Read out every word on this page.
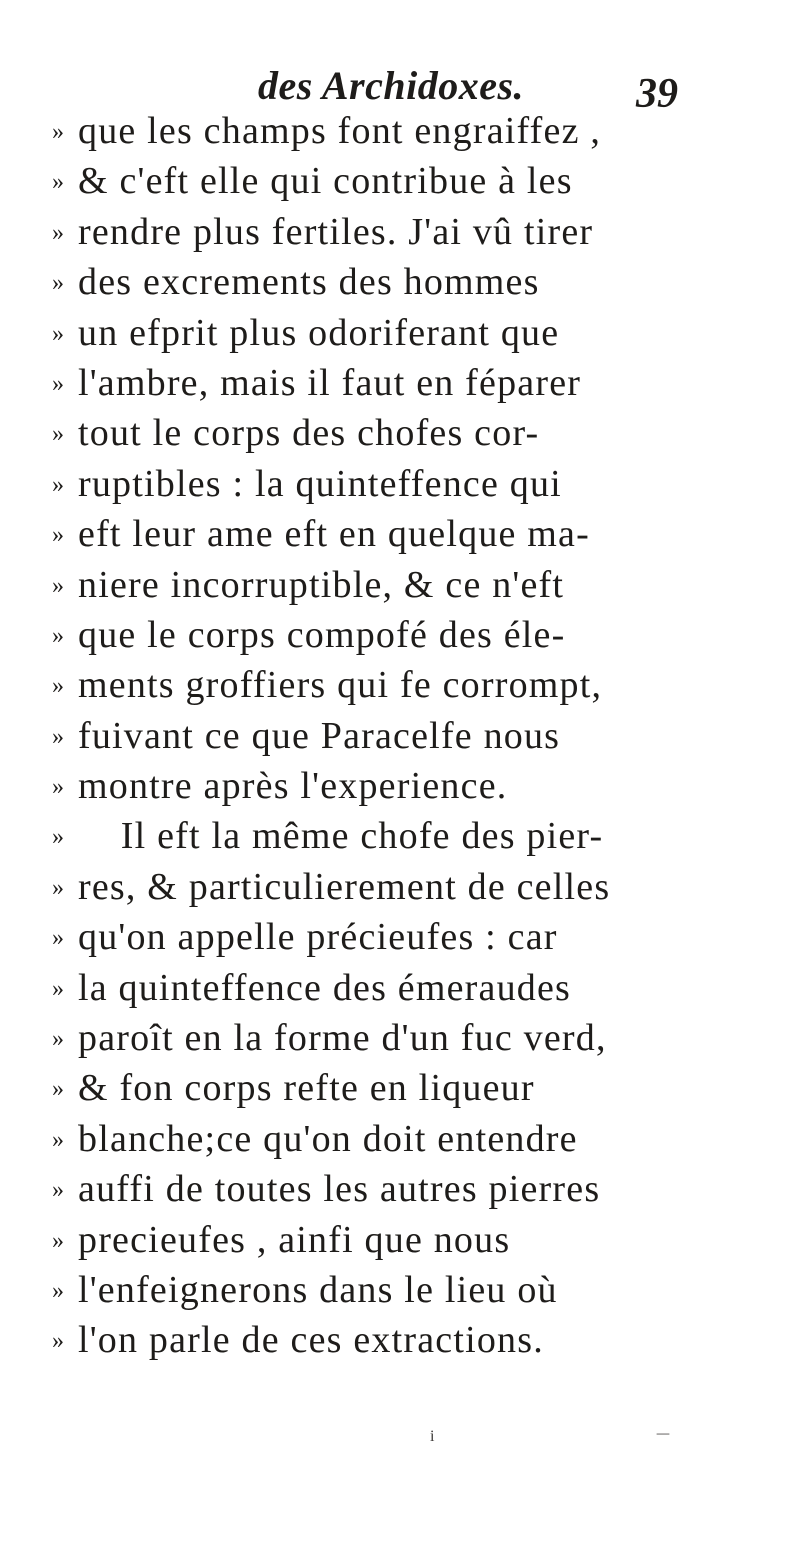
des Archidoxes.	39
» que les champs font engraiffez ,
» & c'eft elle qui contribue à les
» rendre plus fertiles. J'ai vû tirer
» des excrements des hommes
» un efprit plus odoriferant que
» l'ambre, mais il faut en féparer
» tout le corps des chofes cor-
» ruptibles : la quinteffence qui
» eft leur ame eft en quelque ma-
» niere incorruptible, & ce n'eft
» que le corps compofé des éle-
» ments groffiers qui fe corrompt,
» fuivant ce que Paracelfe nous
» montre après l'experience.
»    Il eft la même chofe des pier-
» res, & particulierement de celles
» qu'on appelle précieufes : car
» la quinteffence des émeraudes
» paroît en la forme d'un fuc verd,
» & fon corps refte en liqueur
» blanche;ce qu'on doit entendre
» auffi de toutes les autres pierres
» precieufes , ainfi que nous
» l'enfeignerons dans le lieu où
» l'on parle de ces extractions.
i	—
